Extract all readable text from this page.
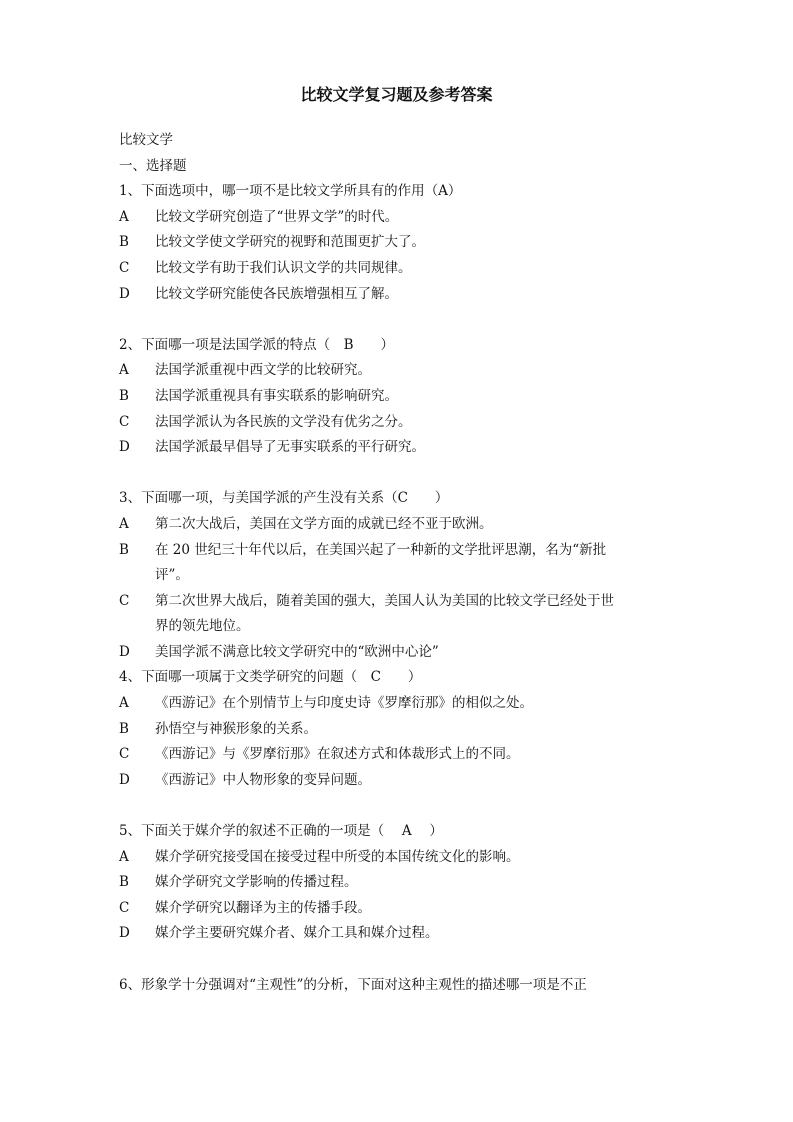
比较文学复习题及参考答案
比较文学
一、选择题
1、下面选项中，哪一项不是比较文学所具有的作用（A）
A	比较文学研究创造了“世界文学”的时代。
B	比较文学使文学研究的视野和范围更扩大了。
C	比较文学有助于我们认识文学的共同规律。
D	比较文学研究能使各民族增强相互了解。
2、下面哪一项是法国学派的特点（　B　　）
A	法国学派重视中西文学的比较研究。
B	法国学派重视具有事实联系的影响研究。
C	法国学派认为各民族的文学没有优劣之分。
D	法国学派最早倡导了无事实联系的平行研究。
3、下面哪一项，与美国学派的产生没有关系（C　　）
A	第二次大战后，美国在文学方面的成就已经不亚于欧洲。
B	在 20 世纪三十年代以后，在美国兴起了一种新的文学批评思潮，名为“新批
评”。
C	第二次世界大战后，随着美国的强大，美国人认为美国的比较文学已经处于世
界的领先地位。
D	美国学派不满意比较文学研究中的“欧洲中心论”
4、下面哪一项属于文类学研究的问题（　C　　）
A	《西游记》在个别情节上与印度史诗《罗摩衍那》的相似之处。
B	孙悟空与神猴形象的关系。
C	《西游记》与《罗摩衍那》在叙述方式和体裁形式上的不同。
D	《西游记》中人物形象的变异问题。
5、下面关于媒介学的叙述不正确的一项是（　 A　 ）
A	媒介学研究接受国在接受过程中所受的本国传统文化的影响。
B	媒介学研究文学影响的传播过程。
C	媒介学研究以翻译为主的传播手段。
D	媒介学主要研究媒介者、媒介工具和媒介过程。
6、形象学十分强调对“主观性”的分析，下面对这种主观性的描述哪一项是不正
